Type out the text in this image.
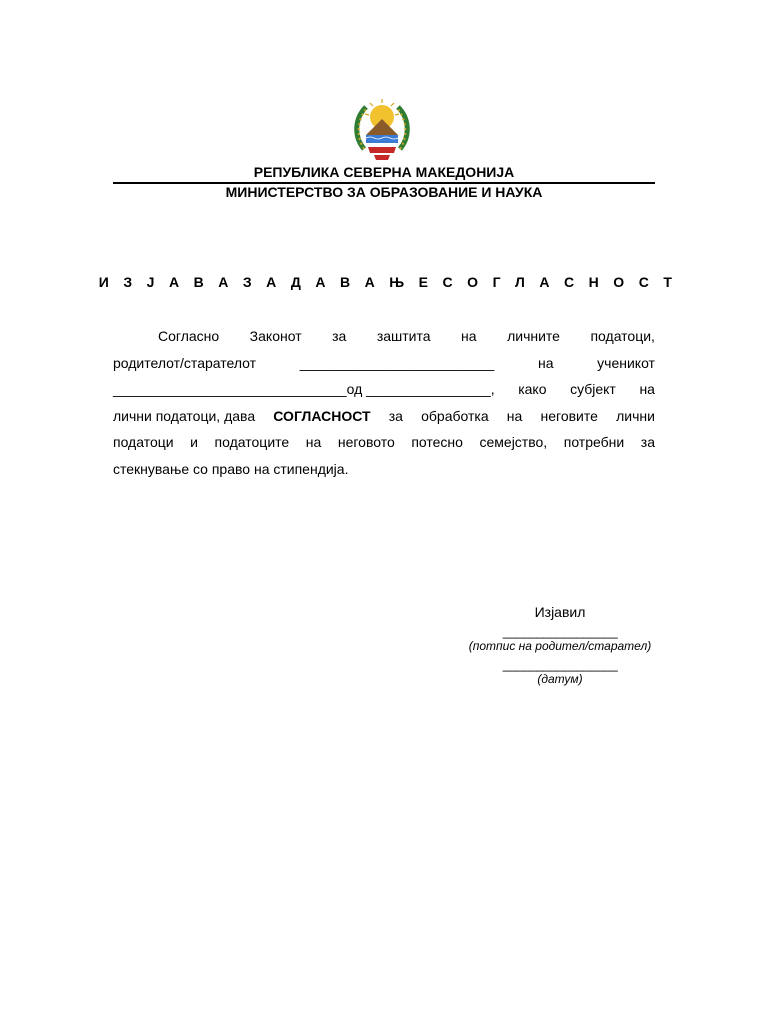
РЕПУБЛИКА СЕВЕРНА МАКЕДОНИЈА
МИНИСТЕРСТВО ЗА ОБРАЗОВАНИЕ И НАУКА
И З Ј А В А З А Д А В А Њ Е С О Г Л А С Н О С Т
Согласно Законот за заштита на личните податоци,
родителот/старателот	_________________________	на	ученикот
______________________________од ________________, како субјект на
лични податоци, дава СОГЛАСНОСТ за обработка на неговите лични
податоци и податоците на неговото потесно семејство, потребни за
стекнување со право на стипендија.
Изјавил
_________________
(потпис на родител/старател)
_________________
(датум)
